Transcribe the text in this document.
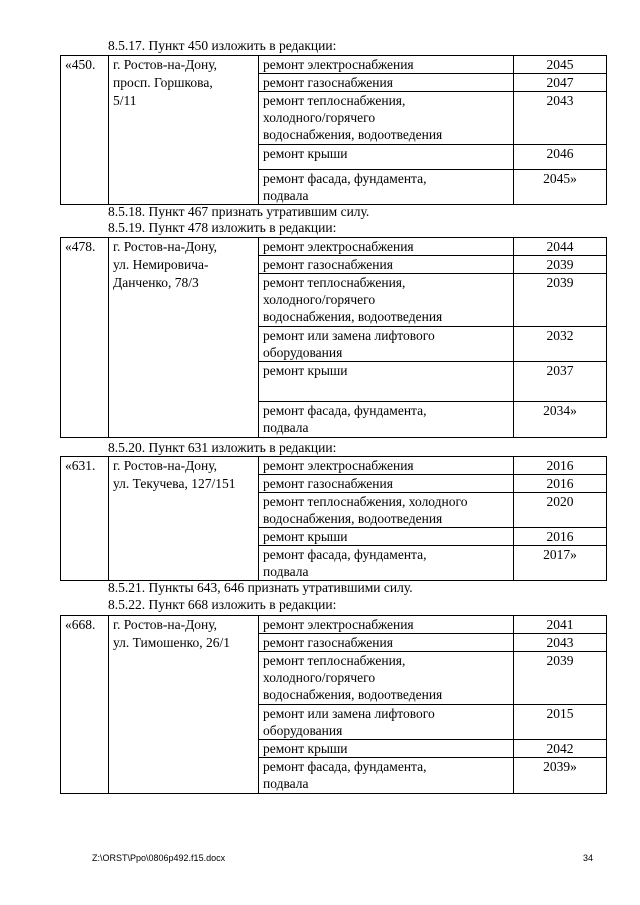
8.5.17. Пункт 450 изложить в редакции:
«450.	г. Ростов-на-Дону,
просп. Горшкова,
5/11	ремонт электроснабжения	2045
		ремонт газоснабжения	2047
		ремонт теплоснабжения,
холодного/горячего
водоснабжения, водоотведения	2043
		ремонт крыши	2046
		ремонт фасада, фундамента,
подвала	2045»
8.5.18. Пункт 467 признать утратившим силу.
8.5.19. Пункт 478 изложить в редакции:
«478.	г. Ростов-на-Дону,
ул. Немировича-
Данченко, 78/3	ремонт электроснабжения	2044
		ремонт газоснабжения	2039
		ремонт теплоснабжения,
холодного/горячего
водоснабжения, водоотведения	2039
		ремонт или замена лифтового
оборудования	2032
		ремонт крыши	2037
		ремонт фасада, фундамента,
подвала	2034»
8.5.20. Пункт 631 изложить в редакции:
«631.	г. Ростов-на-Дону,
ул. Текучева, 127/151	ремонт электроснабжения	2016
		ремонт газоснабжения	2016
		ремонт теплоснабжения, холодного
водоснабжения, водоотведения	2020
		ремонт крыши	2016
		ремонт фасада, фундамента,
подвала	2017»
8.5.21. Пункты 643, 646 признать утратившими силу.
8.5.22. Пункт 668 изложить в редакции:
«668.	г. Ростов-на-Дону,
ул. Тимошенко, 26/1	ремонт электроснабжения	2041
		ремонт газоснабжения	2043
		ремонт теплоснабжения,
холодного/горячего
водоснабжения, водоотведения	2039
		ремонт или замена лифтового
оборудования	2015
		ремонт крыши	2042
		ремонт фасада, фундамента,
подвала	2039»
Z:\ORST\Ppo\0806p492.f15.docx	34
